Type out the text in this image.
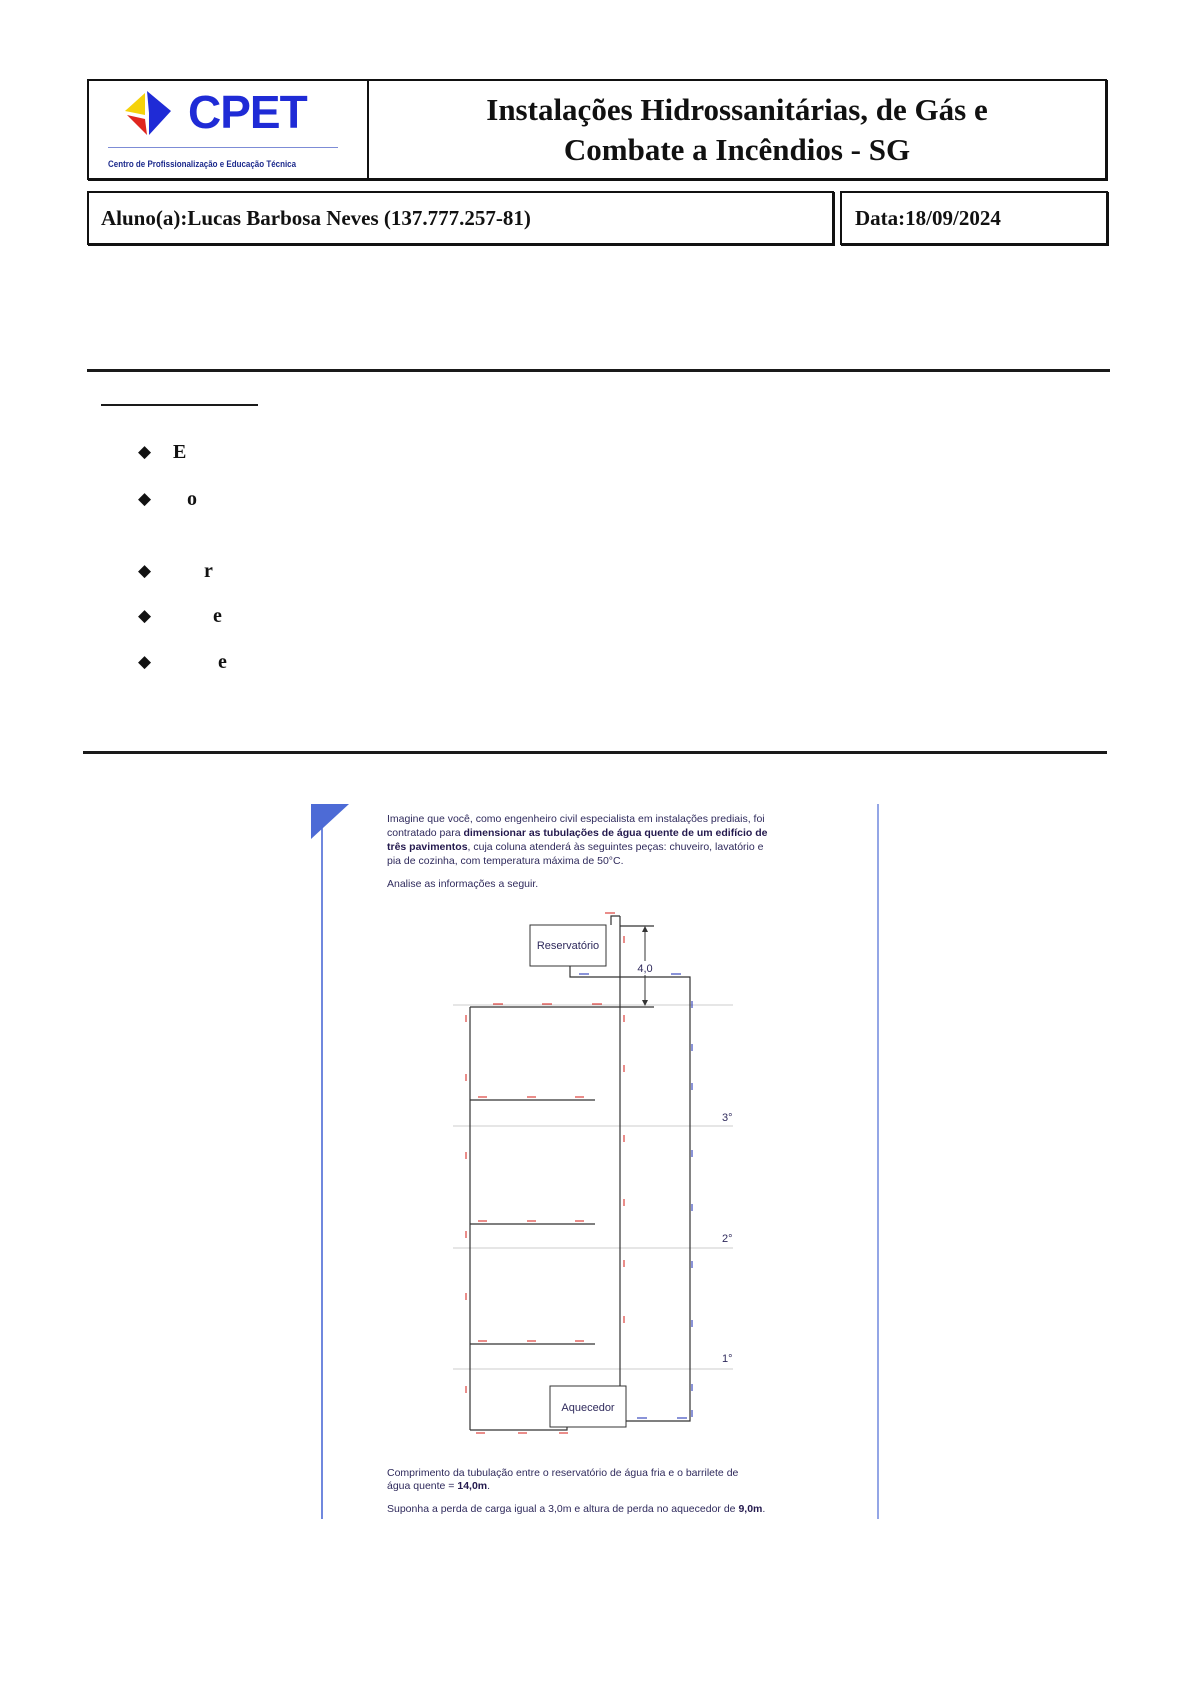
CPET
Centro de Profissionalização e Educação Técnica
Instalações Hidrossanitárias, de Gás e
Combate a Incêndios - SG
Aluno(a):Lucas Barbosa Neves (137.777.257-81)	Data:18/09/2024
◆ E
◆ o
◆	r
◆	e
◆	e
4,0
Reservatório
Aquecedor
3°
2°
1°
Imagine que você, como engenheiro civil especialista em instalações prediais, foi
contratado para dimensionar as tubulações de água quente de um edifício de
três pavimentos, cuja coluna atenderá às seguintes peças: chuveiro, lavatório e
pia de cozinha, com temperatura máxima de 50°C.
Analise as informações a seguir.
Comprimento da tubulação entre o reservatório de água fria e o barrilete de
água quente = 14,0m.
Suponha a perda de carga igual a 3,0m e altura de perda no aquecedor de 9,0m.
